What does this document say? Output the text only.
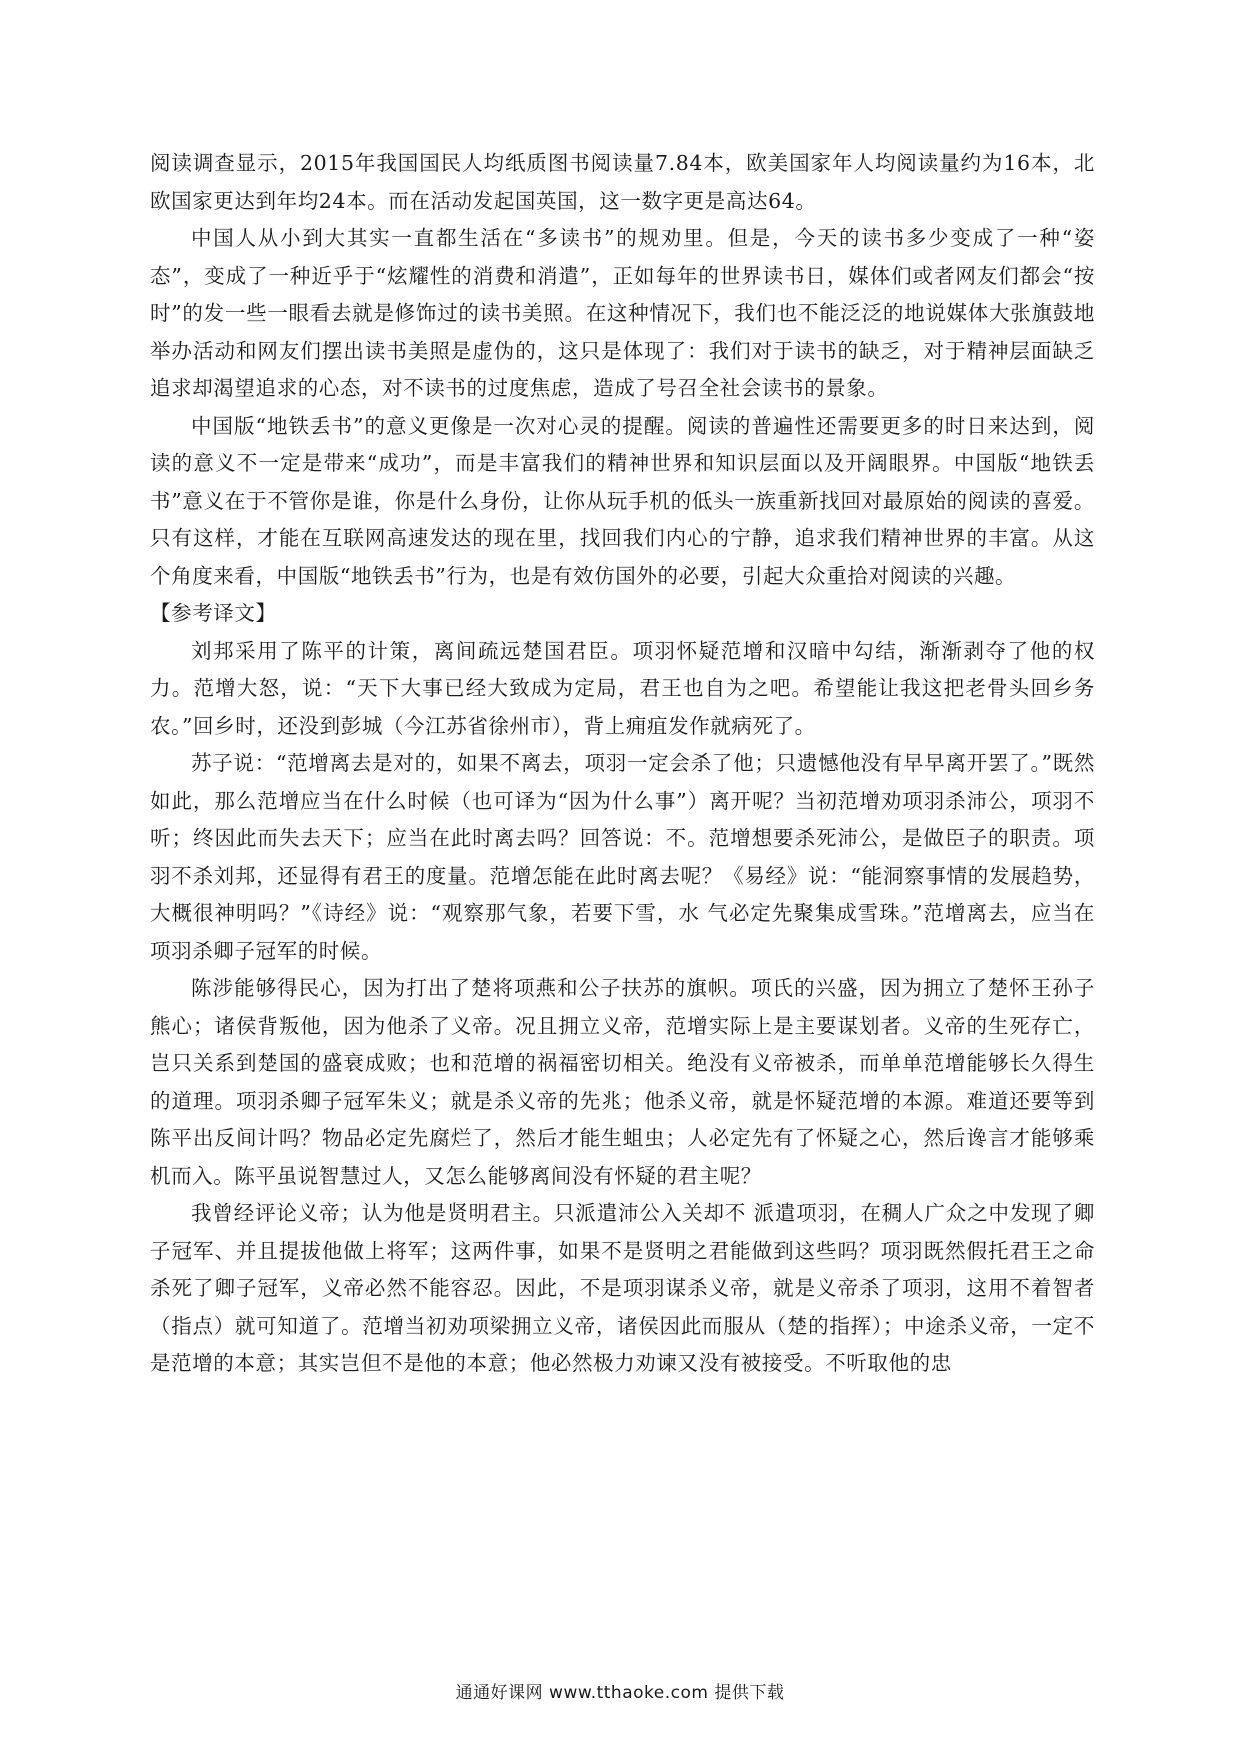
阅读调查显示，2015年我国国民人均纸质图书阅读量7.84本，欧美国家年人均阅读量约为16本，北欧国家更达到年均24本。而在活动发起国英国，这一数字更是高达64。

中国人从小到大其实一直都生活在“多读书”的规劝里。但是，今天的读书多少变成了一种“姿态”，变成了一种近乎于“炫耀性的消费和消遣”，正如每年的世界读书日，媒体们或者网友们都会“按时”的发一些一眼看去就是修饰过的读书美照。在这种情况下，我们也不能泛泛的地说媒体大张旗鼓地举办活动和网友们摆出读书美照是虚伪的，这只是体现了：我们对于读书的缺乏，对于精神层面缺乏追求却渴望追求的心态，对不读书的过度焦虑，造成了号召全社会读书的景象。

中国版“地铁丢书”的意义更像是一次对心灵的提醒。阅读的普遍性还需要更多的时日来达到，阅读的意义不一定是带来“成功”，而是丰富我们的精神世界和知识层面以及开阔眼界。中国版“地铁丢书”意义在于不管你是谁，你是什么身份，让你从玩手机的低头一族重新找回对最原始的阅读的喜爱。只有这样，才能在互联网高速发达的现在里，找回我们内心的宁静，追求我们精神世界的丰富。从这个角度来看，中国版“地铁丢书”行为，也是有效仿国外的必要，引起大众重拾对阅读的兴趣。

【参考译文】

刘邦采用了陈平的计策，离间疏远楚国君臣。项羽怀疑范增和汉暗中勾结，渐渐剥夺了他的权力。范增大怒，说：“天下大事已经大致成为定局，君王也自为之吧。希望能让我这把老骨头回乡务农。”回乡时，还没到彭城（今江苏省徐州市），背上痈疽发作就病死了。

苏子说：“范增离去是对的，如果不离去，项羽一定会杀了他；只遗憾他没有早早离开罢了。”既然如此，那么范增应当在什么时候（也可译为“因为什么事”）离开呢？当初范增劝项羽杀沛公，项羽不听；终因此而失去天下；应当在此时离去吗？回答说：不。范增想要杀死沛公，是做臣子的职责。项羽不杀刘邦，还显得有君王的度量。范增怎能在此时离去呢？《易经》说：“能洞察事情的发展趋势，大概很神明吗？”《诗经》说：“观察那气象，若要下雪，水 气必定先聚集成雪珠。”范增离去，应当在项羽杀卿子冠军的时候。

陈涉能够得民心，因为打出了楚将项燕和公子扶苏的旗帜。项氏的兴盛，因为拥立了楚怀王孙子熊心；诸侯背叛他，因为他杀了义帝。况且拥立义帝，范增实际上是主要谋划者。义帝的生死存亡，岂只关系到楚国的盛衰成败；也和范增的祸福密切相关。绝没有义帝被杀，而单单范增能够长久得生的道理。项羽杀卿子冠军朱义；就是杀义帝的先兆；他杀义帝，就是怀疑范增的本源。难道还要等到陈平出反间计吗？物品必定先腐烂了，然后才能生蛆虫；人必定先有了怀疑之心，然后谗言才能够乘机而入。陈平虽说智慧过人，又怎么能够离间没有怀疑的君主呢？

我曾经评论义帝；认为他是贤明君主。只派遣沛公入关却不 派遣项羽，在稠人广众之中发现了卿子冠军、并且提拔他做上将军；这两件事，如果不是贤明之君能做到这些吗？项羽既然假托君王之命杀死了卿子冠军，义帝必然不能容忍。因此，不是项羽谋杀义帝，就是义帝杀了项羽，这用不着智者（指点）就可知道了。范增当初劝项梁拥立义帝，诸侯因此而服从（楚的指挥）；中途杀义帝，一定不是范增的本意；其实岂但不是他的本意；他必然极力劝谏又没有被接受。不听取他的忠

通通好课网 www.tthaoke.com 提供下载
